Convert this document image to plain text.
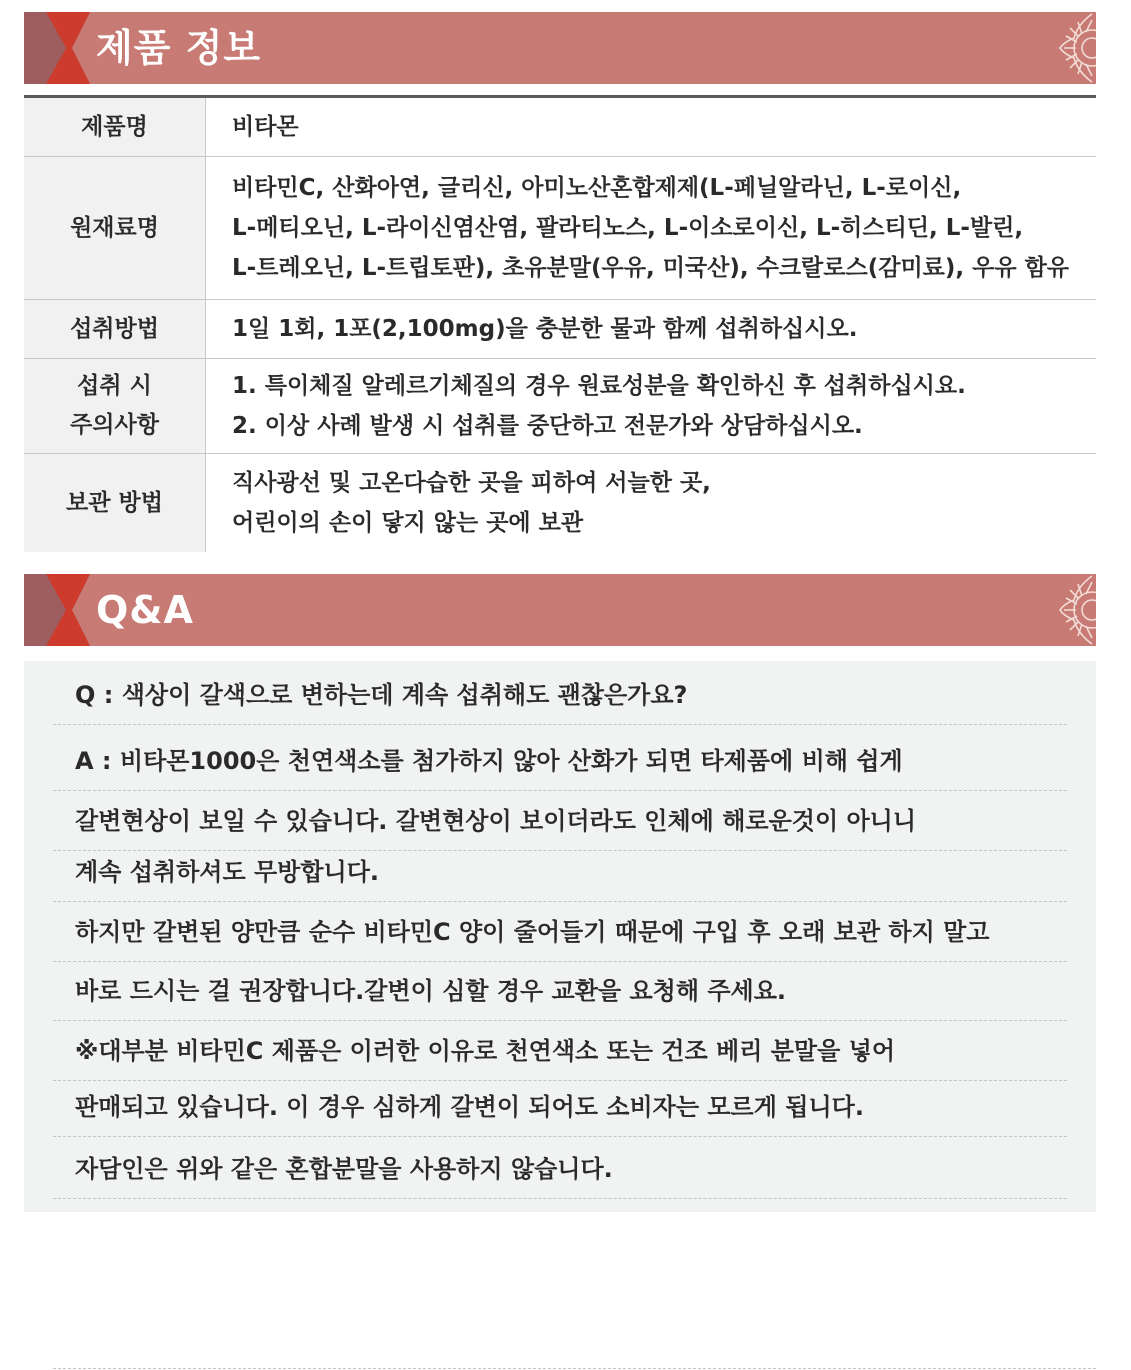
제품 정보
제품명	비타몬
원재료명
비타민C, 산화아연, 글리신, 아미노산혼합제제(L-페닐알라닌, L-로이신,
L-메티오닌, L-라이신염산염, 팔라티노스, L-이소로이신, L-히스티딘, L-발린,
L-트레오닌, L-트립토판), 초유분말(우유, 미국산), 수크랄로스(감미료), 우유 함유
섭취방법	1일 1회, 1포(2,100mg)을 충분한 물과 함께 섭취하십시오.
섭취 시
주의사항
1. 특이체질 알레르기체질의 경우 원료성분을 확인하신 후 섭취하십시요.
2. 이상 사례 발생 시 섭취를 중단하고 전문가와 상담하십시오.
보관 방법
직사광선 및 고온다습한 곳을 피하여 서늘한 곳,
어린이의 손이 닿지 않는 곳에 보관
Q&A
Q : 색상이 갈색으로 변하는데 계속 섭취해도 괜찮은가요?
A : 비타몬1000은 천연색소를 첨가하지 않아 산화가 되면 타제품에 비해 쉽게
갈변현상이 보일 수 있습니다. 갈변현상이 보이더라도 인체에 해로운것이 아니니
계속 섭취하셔도 무방합니다.
하지만 갈변된 양만큼 순수 비타민C 양이 줄어들기 때문에 구입 후 오래 보관 하지 말고
바로 드시는 걸 권장합니다.갈변이 심할 경우 교환을 요청해 주세요.
※대부분 비타민C 제품은 이러한 이유로 천연색소 또는 건조 베리 분말을 넣어
판매되고 있습니다. 이 경우 심하게 갈변이 되어도 소비자는 모르게 됩니다.
자담인은 위와 같은 혼합분말을 사용하지 않습니다.
